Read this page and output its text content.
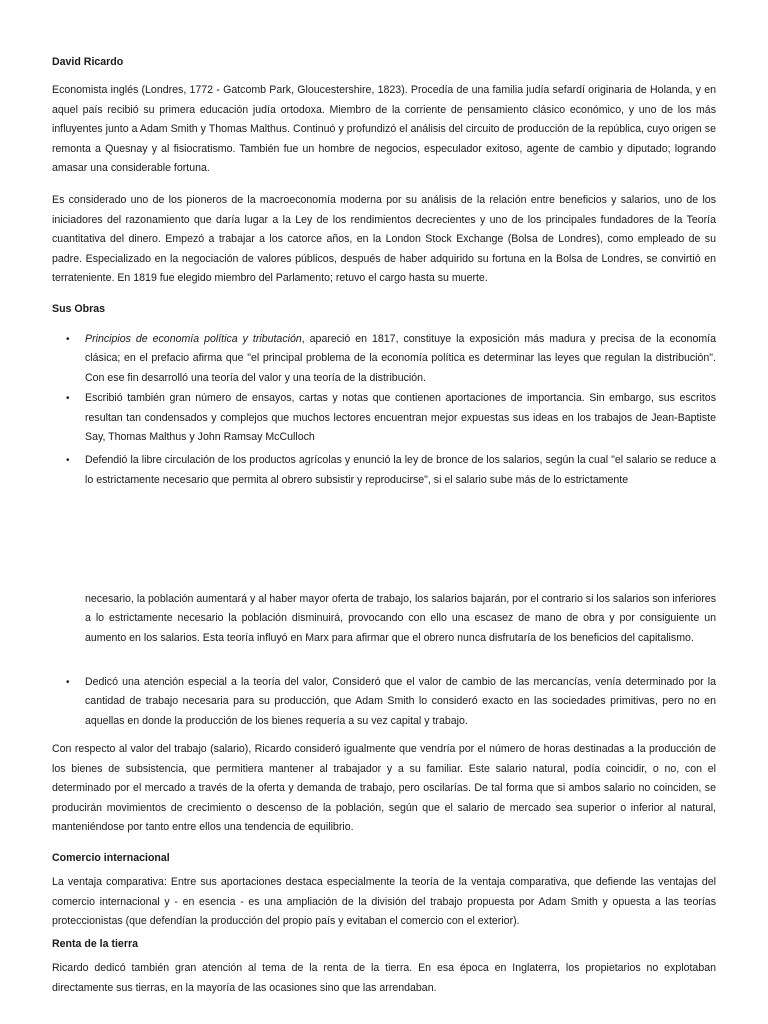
David Ricardo

Economista inglés (Londres, 1772 - Gatcomb Park, Gloucestershire, 1823). Procedía de una familia judía sefardí originaria de Holanda, y en aquel país recibió su primera educación judía ortodoxa. Miembro de la corriente de pensamiento clásico económico, y uno de los más influyentes junto a Adam Smith y Thomas Malthus. Continuó y profundizó el análisis del circuito de producción de la república, cuyo origen se remonta a Quesnay y al fisiocratismo. También fue un hombre de negocios, especulador exitoso, agente de cambio y diputado; logrando amasar una considerable fortuna.

Es considerado uno de los pioneros de la macroeconomía moderna por su análisis de la relación entre beneficios y salarios, uno de los iniciadores del razonamiento que daría lugar a la Ley de los rendimientos decrecientes y uno de los principales fundadores de la Teoría cuantitativa del dinero. Empezó a trabajar a los catorce años, en la London Stock Exchange (Bolsa de Londres), como empleado de su padre. Especializado en la negociación de valores públicos, después de haber adquirido su fortuna en la Bolsa de Londres, se convirtió en terrateniente. En 1819 fue elegido miembro del Parlamento; retuvo el cargo hasta su muerte.

Sus Obras
• Principios de economía política y tributación, apareció en 1817, constituye la exposición más madura y precisa de la economía clásica; en el prefacio afirma que "el principal problema de la economía política es determinar las leyes que regulan la distribución". Con ese fin desarrolló una teoría del valor y una teoría de la distribución.
• Escribió también gran número de ensayos, cartas y notas que contienen aportaciones de importancia. Sin embargo, sus escritos resultan tan condensados y complejos que muchos lectores encuentran mejor expuestas sus ideas en los trabajos de Jean-Baptiste Say, Thomas Malthus y John Ramsay McCulloch
• Defendió la libre circulación de los productos agrícolas y enunció la ley de bronce de los salarios, según la cual "el salario se reduce a lo estrictamente necesario que permita al obrero subsistir y reproducirse", si el salario sube más de lo estrictamente

necesario, la población aumentará y al haber mayor oferta de trabajo, los salarios bajarán, por el contrario si los salarios son inferiores a lo estrictamente necesario la población disminuirá, provocando con ello una escasez de mano de obra y por consiguiente un aumento en los salarios. Esta teoría influyó en Marx para afirmar que el obrero nunca disfrutaría de los beneficios del capitalismo.

• Dedicó una atención especial a la teoría del valor, Consideró que el valor de cambio de las mercancías, venía determinado por la cantidad de trabajo necesaria para su producción, que Adam Smith lo consideró exacto en las sociedades primitivas, pero no en aquellas en donde la producción de los bienes requería a su vez capital y trabajo.

Con respecto al valor del trabajo (salario), Ricardo consideró igualmente que vendría por el número de horas destinadas a la producción de los bienes de subsistencia, que permitiera mantener al trabajador y a su familiar. Este salario natural, podía coincidir, o no, con el determinado por el mercado a través de la oferta y demanda de trabajo, pero oscilarías. De tal forma que si ambos salario no coinciden, se producirán movimientos de crecimiento o descenso de la población, según que el salario de mercado sea superior o inferior al natural, manteniéndose por tanto entre ellos una tendencia de equilibrio.

Comercio internacional

La ventaja comparativa: Entre sus aportaciones destaca especialmente la teoría de la ventaja comparativa, que defiende las ventajas del comercio internacional y - en esencia - es una ampliación de la división del trabajo propuesta por Adam Smith y opuesta a las teorías proteccionistas (que defendían la producción del propio país y evitaban el comercio con el exterior).

Renta de la tierra

Ricardo dedicó también gran atención al tema de la renta de la tierra. En esa época en Inglaterra, los propietarios no explotaban directamente sus tierras, en la mayoría de las ocasiones sino que las arrendaban.
